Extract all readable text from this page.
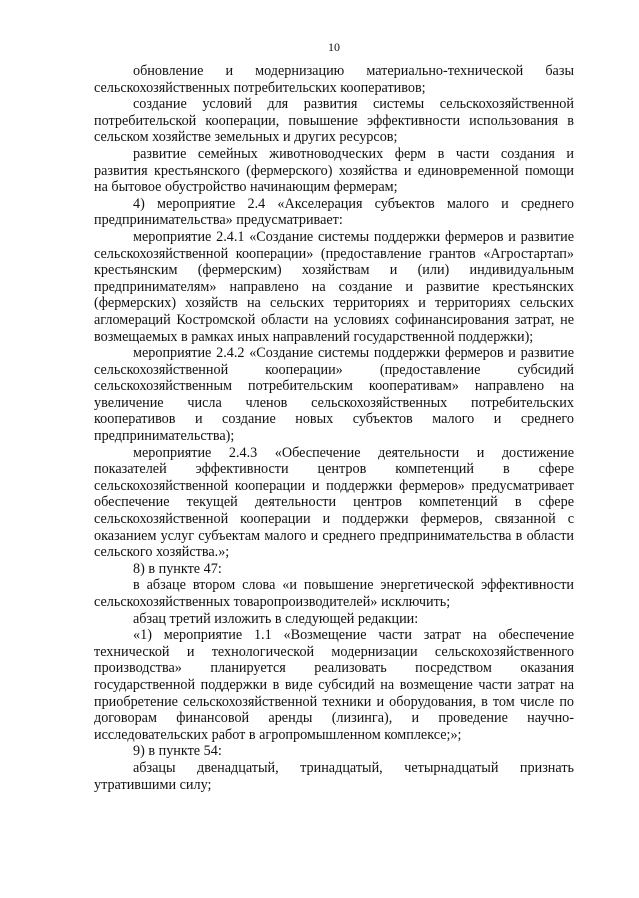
10

обновление и модернизацию материально-технической базы сельскохозяйственных потребительских кооперативов;

создание условий для развития системы сельскохозяйственной потребительской кооперации, повышение эффективности использования в сельском хозяйстве земельных и других ресурсов;

развитие семейных животноводческих ферм в части создания и развития крестьянского (фермерского) хозяйства и единовременной помощи на бытовое обустройство начинающим фермерам;

4) мероприятие 2.4 «Акселерация субъектов малого и среднего предпринимательства» предусматривает:

мероприятие 2.4.1 «Создание системы поддержки фермеров и развитие сельскохозяйственной кооперации» (предоставление грантов «Агростартап» крестьянским (фермерским) хозяйствам и (или) индивидуальным предпринимателям» направлено на создание и развитие крестьянских (фермерских) хозяйств на сельских территориях и территориях сельских агломераций Костромской области на условиях софинансирования затрат, не возмещаемых в рамках иных направлений государственной поддержки);

мероприятие 2.4.2 «Создание системы поддержки фермеров и развитие сельскохозяйственной кооперации» (предоставление субсидий сельскохозяйственным потребительским кооперативам» направлено на увеличение числа членов сельскохозяйственных потребительских кооперативов и создание новых субъектов малого и среднего предпринимательства);

мероприятие 2.4.3 «Обеспечение деятельности и достижение показателей эффективности центров компетенций в сфере сельскохозяйственной кооперации и поддержки фермеров» предусматривает обеспечение текущей деятельности центров компетенций в сфере сельскохозяйственной кооперации и поддержки фермеров, связанной с оказанием услуг субъектам малого и среднего предпринимательства в области сельского хозяйства.»;

8) в пункте 47:

в абзаце втором слова «и повышение энергетической эффективности сельскохозяйственных товаропроизводителей» исключить;

абзац третий изложить в следующей редакции:

«1) мероприятие 1.1 «Возмещение части затрат на обеспечение технической и технологической модернизации сельскохозяйственного производства» планируется реализовать посредством оказания государственной поддержки в виде субсидий на возмещение части затрат на приобретение сельскохозяйственной техники и оборудования, в том числе по договорам финансовой аренды (лизинга), и проведение научно-исследовательских работ в агропромышленном комплексе;»;

9) в пункте 54:

абзацы двенадцатый, тринадцатый, четырнадцатый признать утратившими силу;
